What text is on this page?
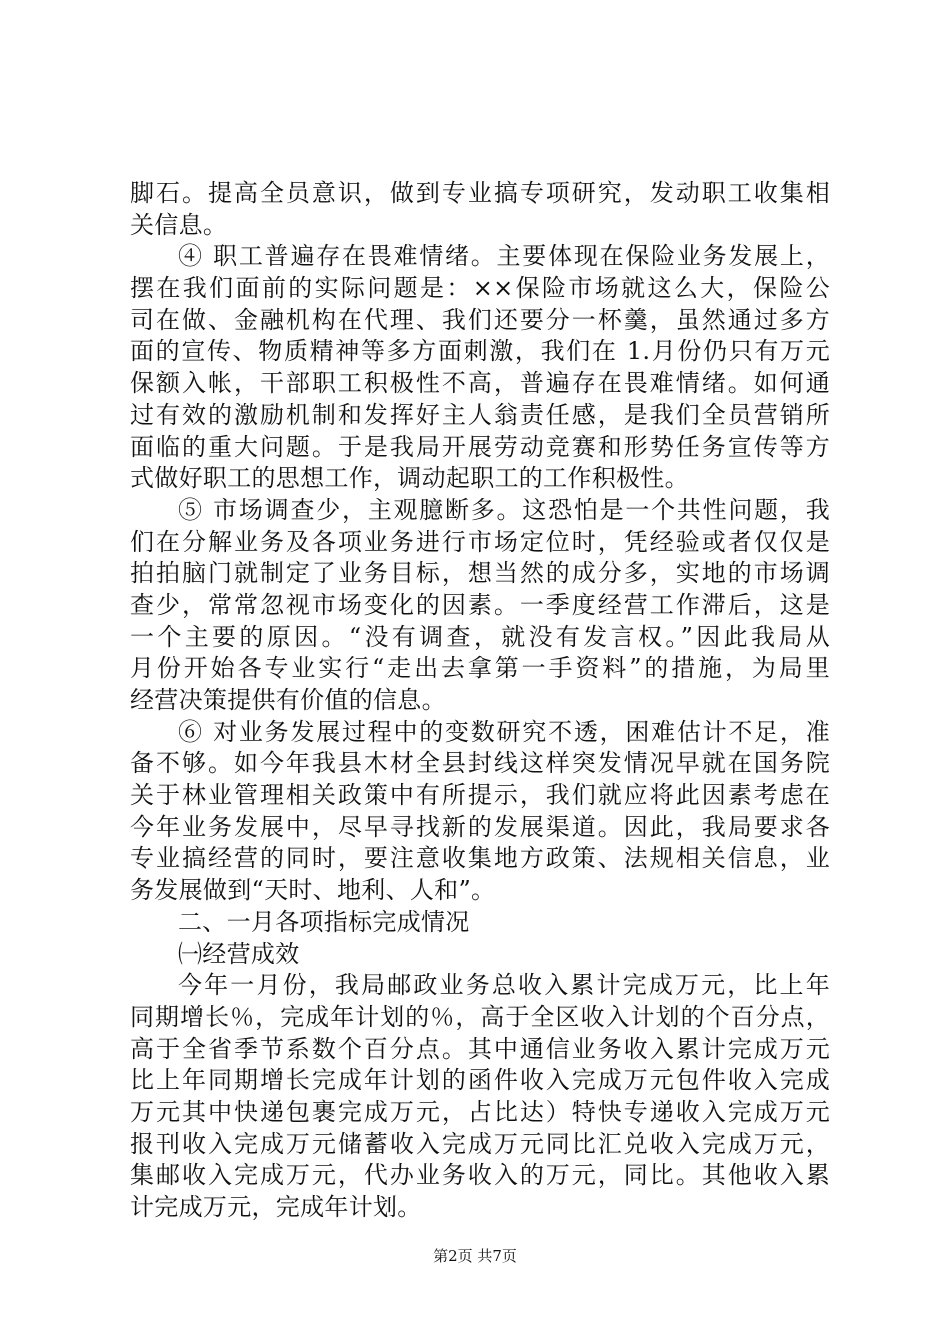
脚石。提高全员意识，做到专业搞专项研究，发动职工收集相
关信息。
④ 职工普遍存在畏难情绪。主要体现在保险业务发展上，
摆在我们面前的实际问题是：××保险市场就这么大，保险公
司在做、金融机构在代理、我们还要分一杯羹，虽然通过多方
面的宣传、物质精神等多方面刺激，我们在 1.月份仍只有万元
保额入帐，干部职工积极性不高，普遍存在畏难情绪。如何通
过有效的激励机制和发挥好主人翁责任感，是我们全员营销所
面临的重大问题。于是我局开展劳动竞赛和形势任务宣传等方
式做好职工的思想工作，调动起职工的工作积极性。
⑤ 市场调查少，主观臆断多。这恐怕是一个共性问题，我
们在分解业务及各项业务进行市场定位时，凭经验或者仅仅是
拍拍脑门就制定了业务目标，想当然的成分多，实地的市场调
查少，常常忽视市场变化的因素。一季度经营工作滞后，这是
一个主要的原因。“没有调查，就没有发言权。”因此我局从
月份开始各专业实行“走出去拿第一手资料”的措施，为局里
经营决策提供有价值的信息。
⑥ 对业务发展过程中的变数研究不透，困难估计不足，准
备不够。如今年我县木材全县封线这样突发情况早就在国务院
关于林业管理相关政策中有所提示，我们就应将此因素考虑在
今年业务发展中，尽早寻找新的发展渠道。因此，我局要求各
专业搞经营的同时，要注意收集地方政策、法规相关信息，业
务发展做到“天时、地利、人和”。
二、一月各项指标完成情况
㈠经营成效
今年一月份，我局邮政业务总收入累计完成万元，比上年
同期增长％，完成年计划的％，高于全区收入计划的个百分点，
高于全省季节系数个百分点。其中通信业务收入累计完成万元
比上年同期增长完成年计划的函件收入完成万元包件收入完成
万元其中快递包裹完成万元，占比达）特快专递收入完成万元
报刊收入完成万元储蓄收入完成万元同比汇兑收入完成万元，
集邮收入完成万元，代办业务收入的万元，同比。其他收入累
计完成万元，完成年计划。
第2页 共7页
